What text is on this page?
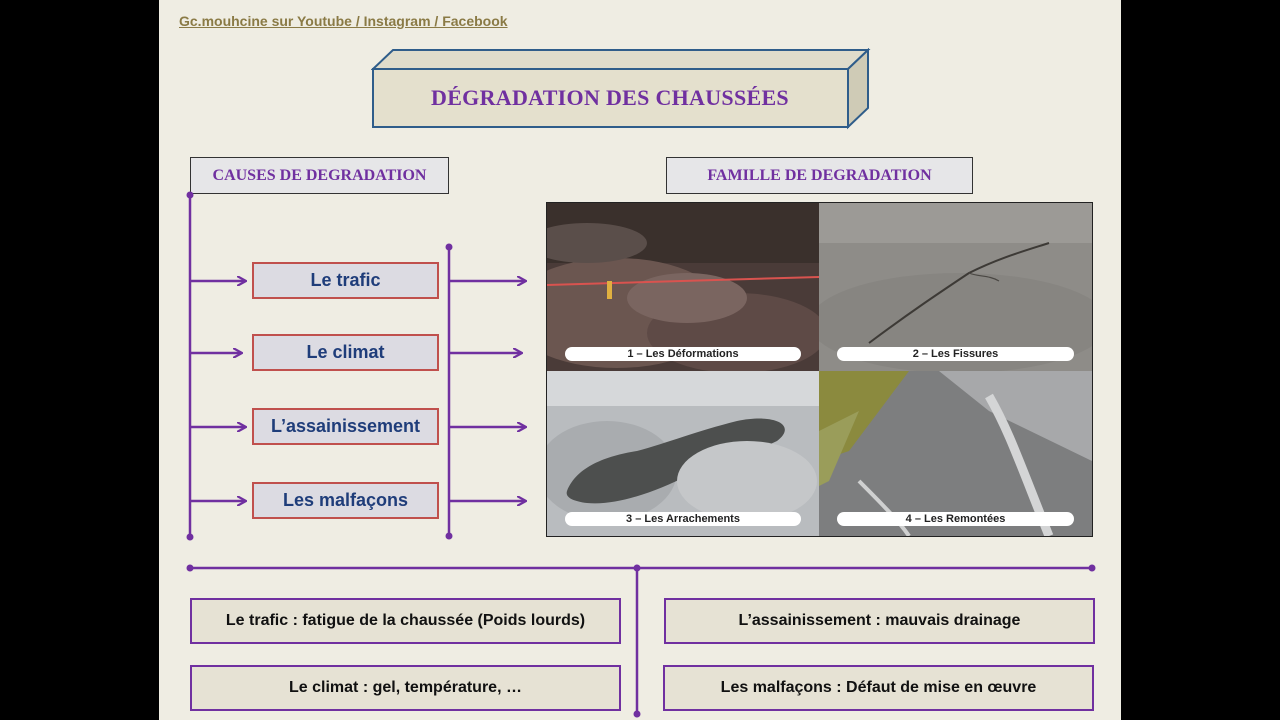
Gc.mouhcine sur Youtube / Instagram / Facebook
DÉGRADATION DES CHAUSSÉES
CAUSES DE DEGRADATION	FAMILLE DE DEGRADATION
Le trafic
Le climat
L’assainissement
Les malfaçons
1 – Les Déformations	2 – Les Fissures
3 – Les Arrachements	4 – Les Remontées
Le trafic : fatigue de la chaussée (Poids lourds)	L’assainissement : mauvais drainage
Le climat : gel, température, …	Les malfaçons : Défaut de mise en œuvre
